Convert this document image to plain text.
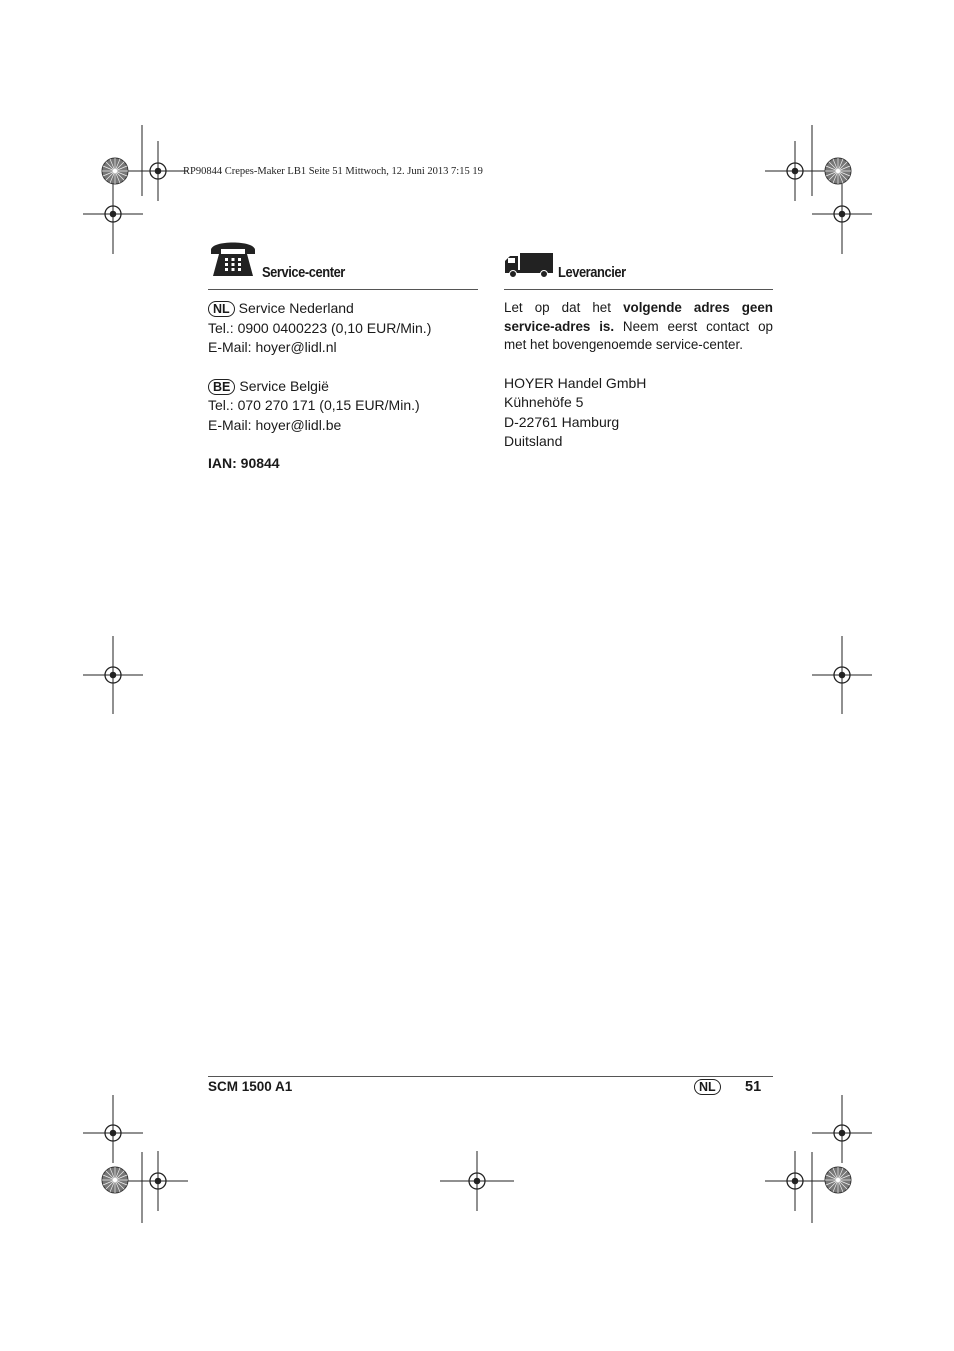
RP90844 Crepes-Maker LB1 Seite 51 Mittwoch, 12. Juni 2013 7:15 19
Service-center

NL Service Nederland

Tel.: 0900 0400223 (0,10 EUR/Min.)

E-Mail: hoyer@lidl.nl

BE Service België

Tel.: 070 270 171 (0,15 EUR/Min.)

E-Mail: hoyer@lidl.be

IAN: 90844

Leverancier

Let op dat het volgende adres geen service-adres is. Neem eerst contact op met het bovengenoemde service-center.

HOYER Handel GmbH

Kühnehöfe 5

D-22761 Hamburg

Duitsland

SCM 1500 A1	NL	51
